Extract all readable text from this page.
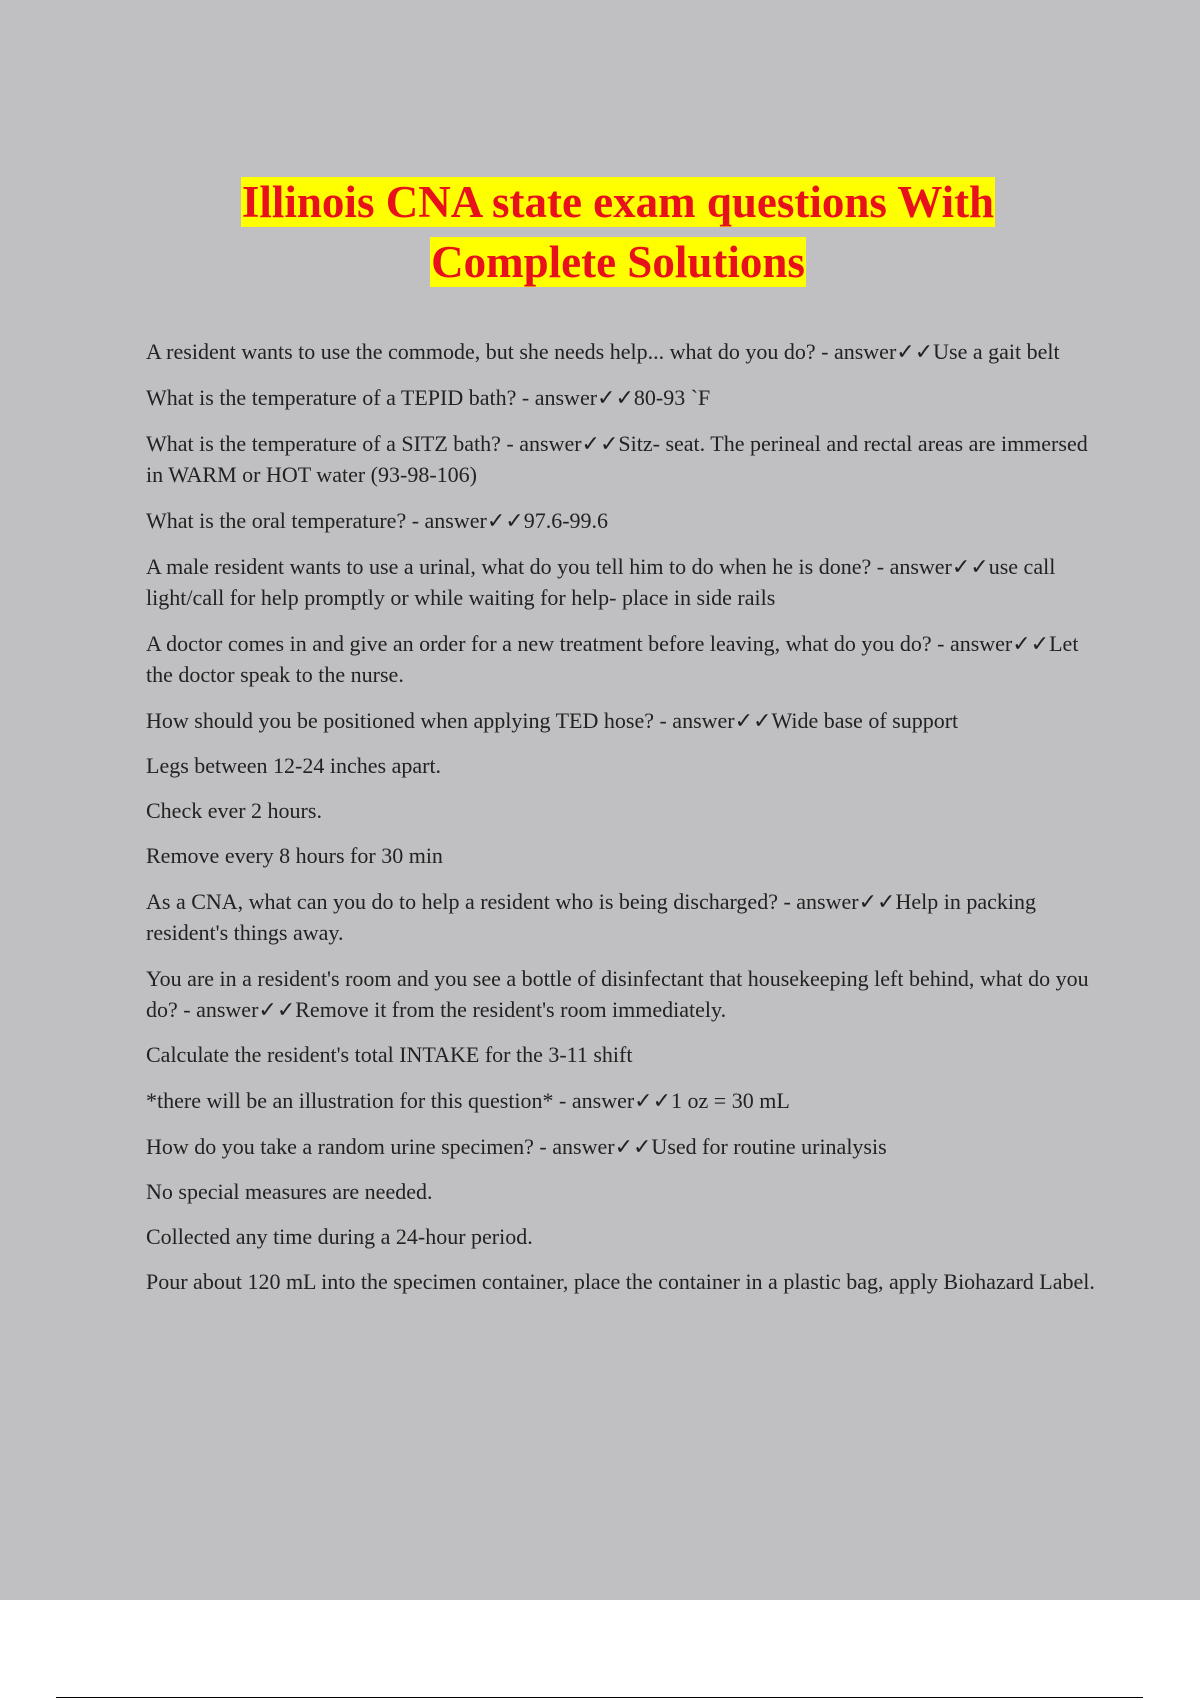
Illinois CNA state exam questions With
Complete Solutions

A resident wants to use the commode, but she needs help... what do you do? - answer✓✓Use a gait belt

What is the temperature of a TEPID bath? - answer✓✓80-93 `F

What is the temperature of a SITZ bath? - answer✓✓Sitz- seat. The perineal and rectal areas are immersed in WARM or HOT water (93-98-106)

What is the oral temperature? - answer✓✓97.6-99.6

A male resident wants to use a urinal, what do you tell him to do when he is done? - answer✓✓use call light/call for help promptly or while waiting for help- place in side rails

A doctor comes in and give an order for a new treatment before leaving, what do you do? - answer✓✓Let the doctor speak to the nurse.

How should you be positioned when applying TED hose? - answer✓✓Wide base of support

Legs between 12-24 inches apart.

Check ever 2 hours.

Remove every 8 hours for 30 min

As a CNA, what can you do to help a resident who is being discharged? - answer✓✓Help in packing resident's things away.

You are in a resident's room and you see a bottle of disinfectant that housekeeping left behind, what do you do? - answer✓✓Remove it from the resident's room immediately.

Calculate the resident's total INTAKE for the 3-11 shift

*there will be an illustration for this question* - answer✓✓1 oz = 30 mL

How do you take a random urine specimen? - answer✓✓Used for routine urinalysis

No special measures are needed.

Collected any time during a 24-hour period.

Pour about 120 mL into the specimen container, place the container in a plastic bag, apply Biohazard Label.
